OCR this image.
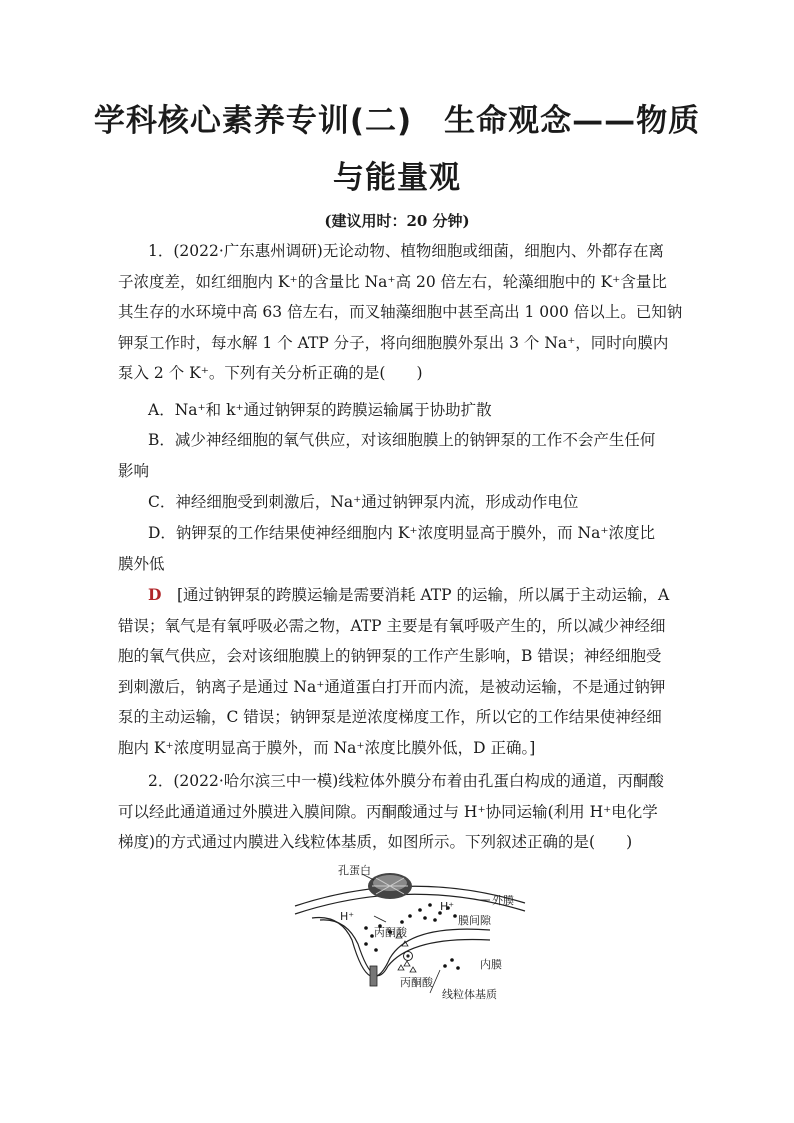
学科核心素养专训(二)　生命观念——物质
与能量观
(建议用时：20 分钟)
1．(2022·广东惠州调研)无论动物、植物细胞或细菌，细胞内、外都存在离
子浓度差，如红细胞内 K⁺的含量比 Na⁺高 20 倍左右，轮藻细胞中的 K⁺含量比
其生存的水环境中高 63 倍左右，而叉轴藻细胞中甚至高出 1 000 倍以上。已知钠
钾泵工作时，每水解 1 个 ATP 分子，将向细胞膜外泵出 3 个 Na⁺，同时向膜内
泵入 2 个 K⁺。下列有关分析正确的是(　　)
A．Na⁺和 k⁺通过钠钾泵的跨膜运输属于协助扩散
B．减少神经细胞的氧气供应，对该细胞膜上的钠钾泵的工作不会产生任何
影响
C．神经细胞受到刺激后，Na⁺通过钠钾泵内流，形成动作电位
D．钠钾泵的工作结果使神经细胞内 K⁺浓度明显高于膜外，而 Na⁺浓度比
膜外低
D　 [通过钠钾泵的跨膜运输是需要消耗 ATP 的运输，所以属于主动运输，A
错误；氧气是有氧呼吸必需之物，ATP 主要是有氧呼吸产生的，所以减少神经细
胞的氧气供应，会对该细胞膜上的钠钾泵的工作产生影响，B 错误；神经细胞受
到刺激后，钠离子是通过 Na⁺通道蛋白打开而内流，是被动运输，不是通过钠钾
泵的主动运输，C 错误；钠钾泵是逆浓度梯度工作，所以它的工作结果使神经细
胞内 K⁺浓度明显高于膜外，而 Na⁺浓度比膜外低，D 正确。]
2．(2022·哈尔滨三中一模)线粒体外膜分布着由孔蛋白构成的通道，丙酮酸
可以经此通道通过外膜进入膜间隙。丙酮酸通过与 H⁺协同运输(利用 H⁺电化学
梯度)的方式通过内膜进入线粒体基质，如图所示。下列叙述正确的是(　　)
孔蛋白
外膜
膜间隙
内膜
线粒体基质
丙酮酸
丙酮酸
H⁺
H⁺
